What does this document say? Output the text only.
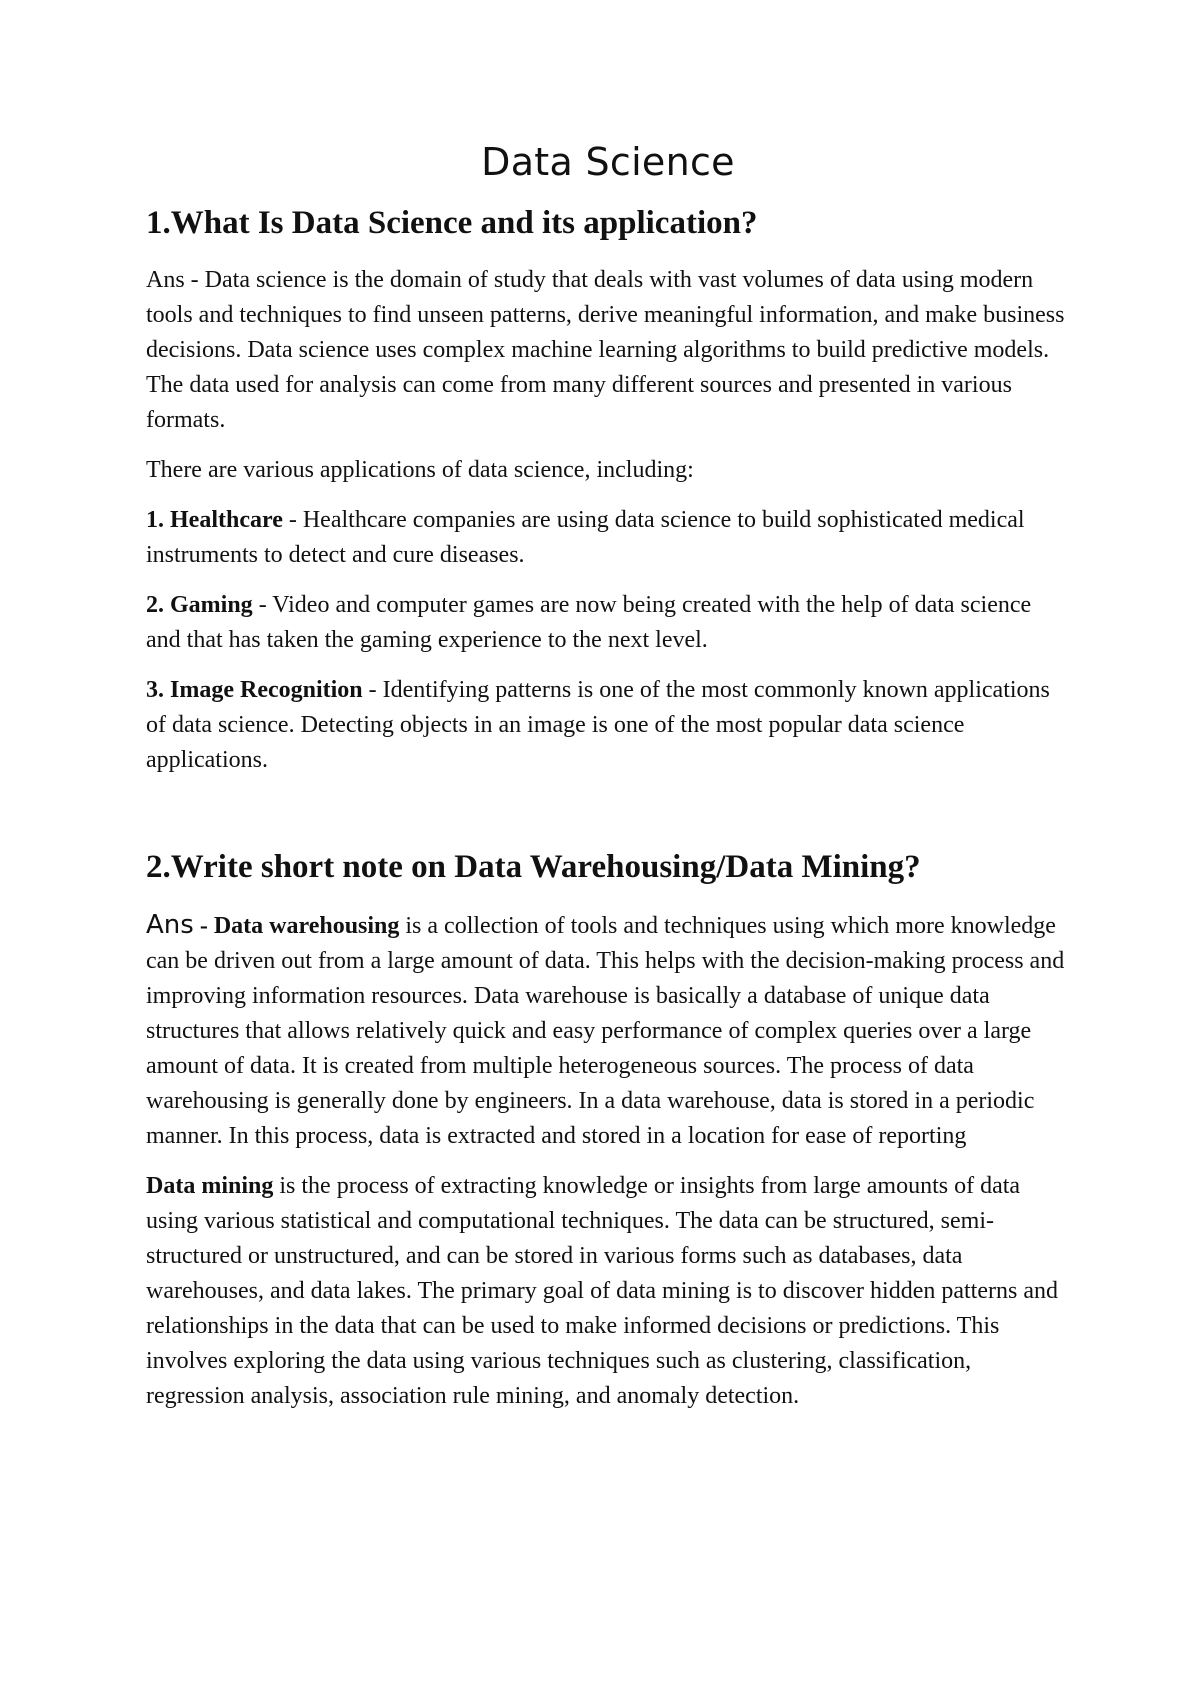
Data Science
1.What Is Data Science and its application?

Ans - Data science is the domain of study that deals with vast volumes of data using modern tools and techniques to find unseen patterns, derive meaningful information, and make business decisions. Data science uses complex machine learning algorithms to build predictive models. The data used for analysis can come from many different sources and presented in various formats.

There are various applications of data science, including:

1. Healthcare - Healthcare companies are using data science to build sophisticated medical instruments to detect and cure diseases.

2. Gaming - Video and computer games are now being created with the help of data science and that has taken the gaming experience to the next level.

3. Image Recognition - Identifying patterns is one of the most commonly known applications of data science. Detecting objects in an image is one of the most popular data science applications.

2.Write short note on Data Warehousing/Data Mining?

Ans - Data warehousing is a collection of tools and techniques using which more knowledge can be driven out from a large amount of data. This helps with the decision-making process and improving information resources. Data warehouse is basically a database of unique data structures that allows relatively quick and easy performance of complex queries over a large amount of data. It is created from multiple heterogeneous sources. The process of data warehousing is generally done by engineers. In a data warehouse, data is stored in a periodic manner. In this process, data is extracted and stored in a location for ease of reporting

Data mining is the process of extracting knowledge or insights from large amounts of data using various statistical and computational techniques. The data can be structured, semi-structured or unstructured, and can be stored in various forms such as databases, data warehouses, and data lakes. The primary goal of data mining is to discover hidden patterns and relationships in the data that can be used to make informed decisions or predictions. This involves exploring the data using various techniques such as clustering, classification, regression analysis, association rule mining, and anomaly detection.
